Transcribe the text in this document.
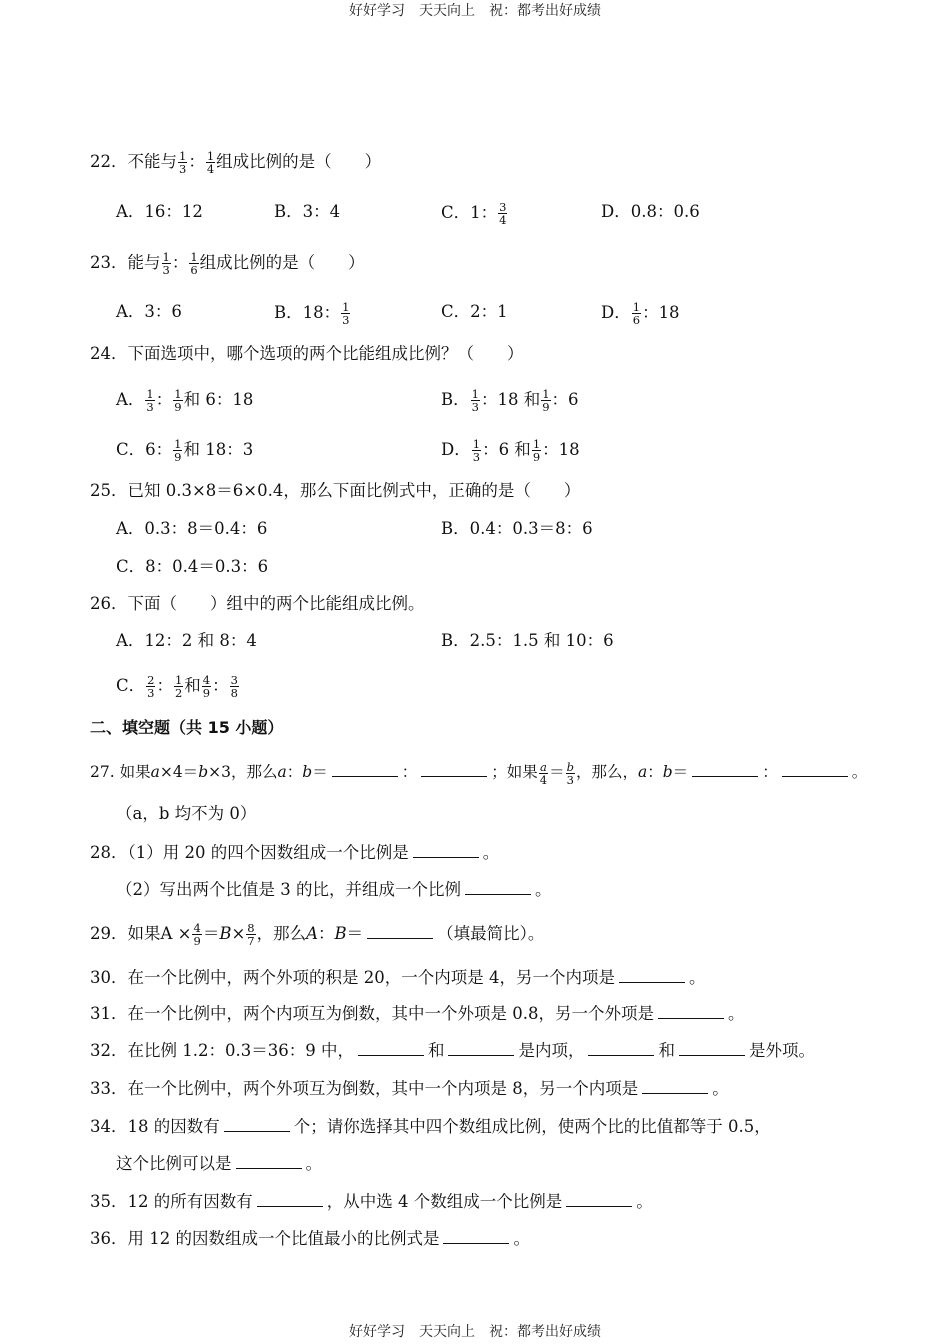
好好学习　天天向上　祝：都考出好成绩
22．不能与 $\frac{1}{3}$ ： $\frac{1}{4}$ 组成比例的是（　　）
A．16：12	B．3：4	C．1： $\frac{3}{4}$	D．0.8：0.6
23．能与 $\frac{1}{3}$ ： $\frac{1}{6}$ 组成比例的是（　　）
A．3：6	B．18： $\frac{1}{3}$	C．2：1	D． $\frac{1}{6}$ ：18
24．下面选项中，哪个选项的两个比能组成比例？（　　）
A． $\frac{1}{3}$ ： $\frac{1}{9}$ 和 6：18	B． $\frac{1}{3}$ ：18 和 $\frac{1}{9}$ ：6
C．6： $\frac{1}{9}$ 和 18：3	D． $\frac{1}{3}$ ：6 和 $\frac{1}{9}$ ：18
25．已知 0.3×8＝6×0.4，那么下面比例式中，正确的是（　　）
A．0.3：8＝0.4：6	B．0.4：0.3＝8：6
C．8：0.4＝0.3：6
26．下面（　　）组中的两个比能组成比例。
A．12：2 和 8：4	B．2.5：1.5 和 10：6
C． $\frac{2}{3}$ ： $\frac{1}{2}$ 和 $\frac{4}{9}$ ： $\frac{3}{8}$
二、填空题（共 15 小题）
27. 如果a×4＝b×3，那么a：b＝	：	；如果 $\frac{a}{4} = \frac{b}{3}$ ，那么，a：b＝	：	。
（a，b 均不为 0）
28．（1）用 20 的四个因数组成一个比例是	。
（2）写出两个比值是 3 的比，并组成一个比例	。
29．如果$A \times \frac{4}{9} =B\times \frac{8}{7}$ ，那么A：B＝	（填最简比）。
30．在一个比例中，两个外项的积是 20，一个内项是 4，另一个内项是	。
31．在一个比例中，两个内项互为倒数，其中一个外项是 0.8，另一个外项是	。
32．在比例 1.2：0.3＝36：9 中，	和	是内项，	和	是外项。
33．在一个比例中，两个外项互为倒数，其中一个内项是 8，另一个内项是	。
34．18 的因数有	个；请你选择其中四个数组成比例，使两个比的比值都等于 0.5，
这个比例可以是	。
35．12 的所有因数有	，从中选 4 个数组成一个比例是	。
36．用 12 的因数组成一个比值最小的比例式是	。
好好学习　天天向上　祝：都考出好成绩
